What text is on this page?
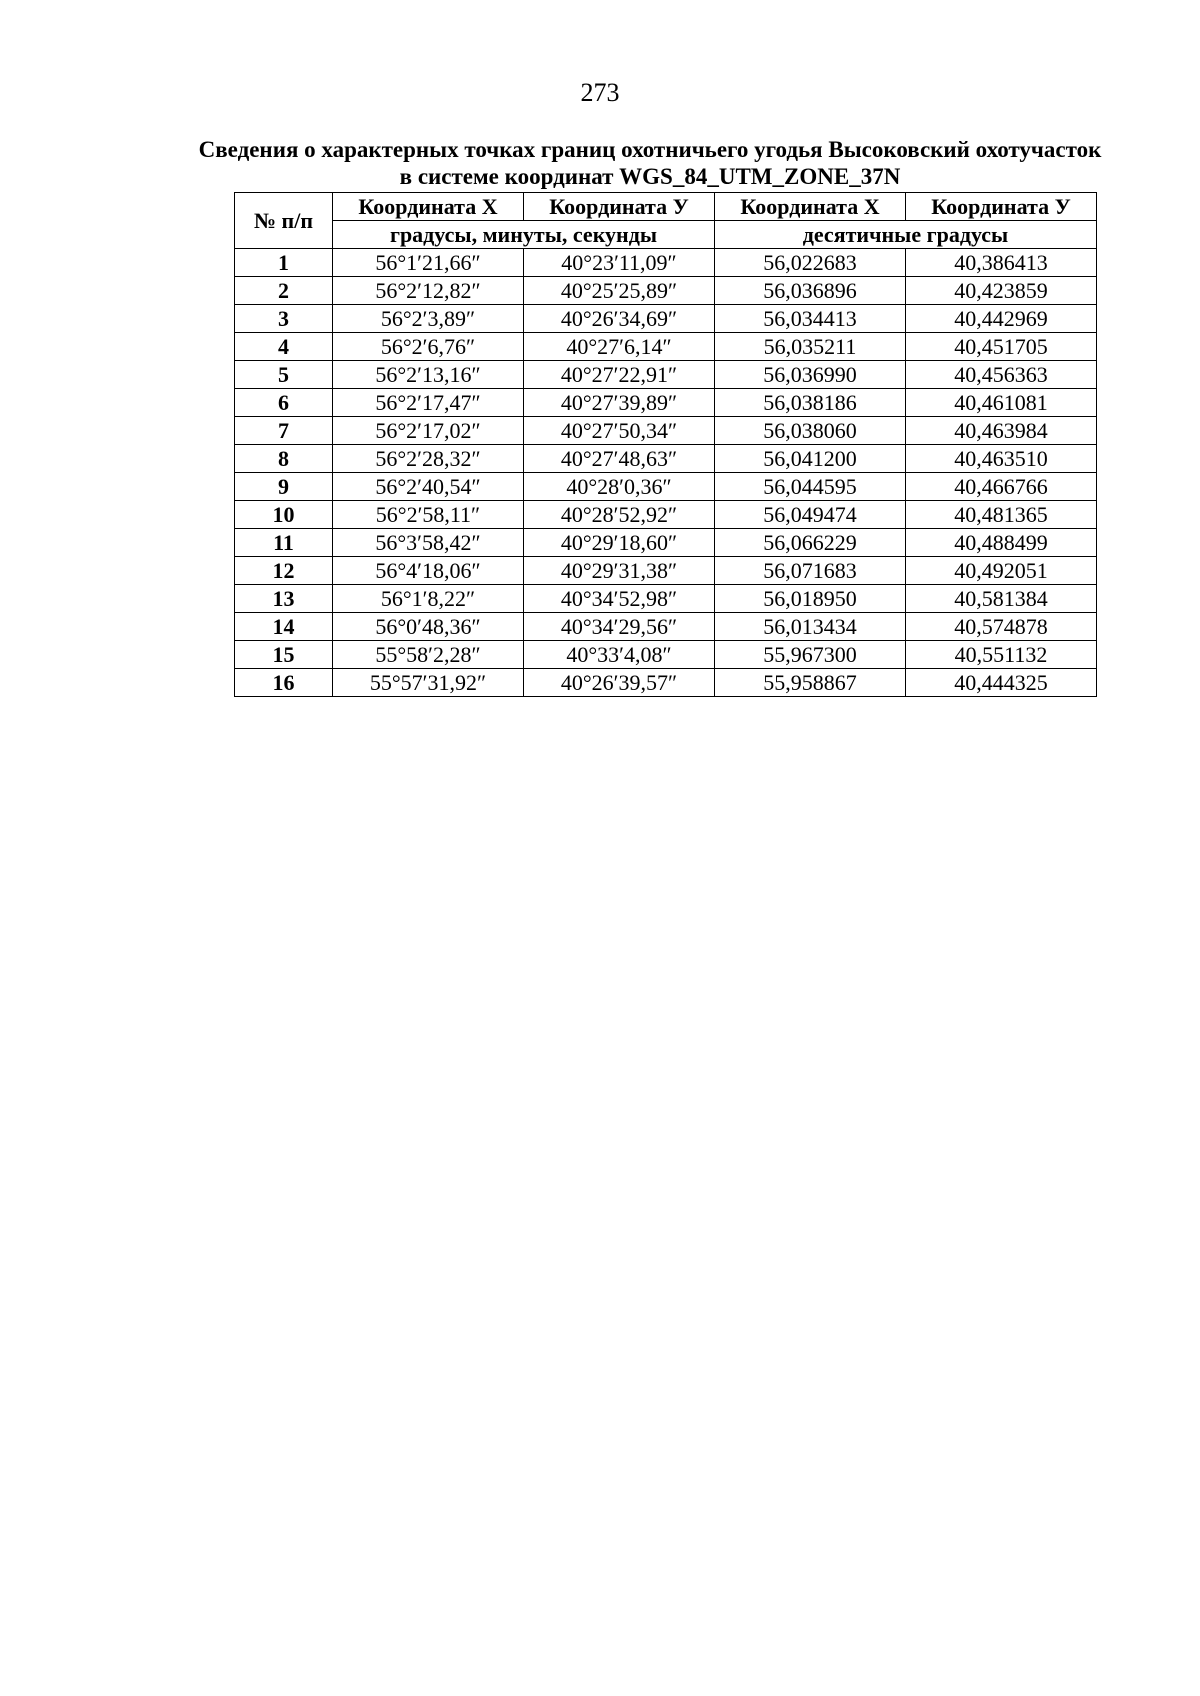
273
Сведения о характерных точках границ охотничьего угодья Высоковский охотучасток
в системе координат WGS_84_UTM_ZONE_37N
№ п/п	Координата Х	Координата У	Координата Х	Координата У
	градусы, минуты, секунды		десятичные градусы	
1	56°1′21,66″	40°23′11,09″	56,022683	40,386413
2	56°2′12,82″	40°25′25,89″	56,036896	40,423859
3	56°2′3,89″	40°26′34,69″	56,034413	40,442969
4	56°2′6,76″	40°27′6,14″	56,035211	40,451705
5	56°2′13,16″	40°27′22,91″	56,036990	40,456363
6	56°2′17,47″	40°27′39,89″	56,038186	40,461081
7	56°2′17,02″	40°27′50,34″	56,038060	40,463984
8	56°2′28,32″	40°27′48,63″	56,041200	40,463510
9	56°2′40,54″	40°28′0,36″	56,044595	40,466766
10	56°2′58,11″	40°28′52,92″	56,049474	40,481365
11	56°3′58,42″	40°29′18,60″	56,066229	40,488499
12	56°4′18,06″	40°29′31,38″	56,071683	40,492051
13	56°1′8,22″	40°34′52,98″	56,018950	40,581384
14	56°0′48,36″	40°34′29,56″	56,013434	40,574878
15	55°58′2,28″	40°33′4,08″	55,967300	40,551132
16	55°57′31,92″	40°26′39,57″	55,958867	40,444325
